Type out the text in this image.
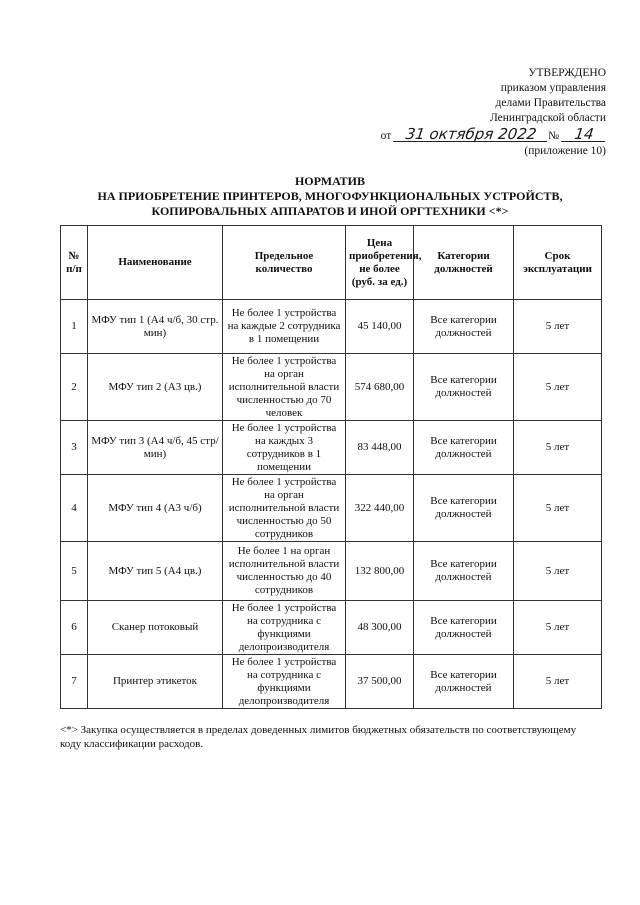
УТВЕРЖДЕНО
приказом управления
делами Правительства
Ленинградской области
от 31 октября 2022 № 14
(приложение 10)
НОРМАТИВ
НА ПРИОБРЕТЕНИЕ ПРИНТЕРОВ, МНОГОФУНКЦИОНАЛЬНЫХ УСТРОЙСТВ,
КОПИРОВАЛЬНЫХ АППАРАТОВ И ИНОЙ ОРГТЕХНИКИ <*>
№ п/п	Наименование	Предельное количество	Цена приобретения, не более (руб. за ед.)	Категории должностей	Срок эксплуатации
1	МФУ тип 1 (А4 ч/б, 30 стр. мин)	Не более 1 устройства на каждые 2 сотрудника в 1 помещении	45 140,00	Все категории должностей	5 лет
2	МФУ тип 2 (А3 цв.)	Не более 1 устройства на орган исполнительной власти численностью до 70 человек	574 680,00	Все категории должностей	5 лет
3	МФУ тип 3 (А4 ч/б, 45 стр/мин)	Не более 1 устройства на каждых 3 сотрудников в 1 помещении	83 448,00	Все категории должностей	5 лет
4	МФУ тип 4 (А3 ч/б)	Не более 1 устройства на орган исполнительной власти численностью до 50 сотрудников	322 440,00	Все категории должностей	5 лет
5	МФУ тип 5 (А4 цв.)	Не более 1 на орган исполнительной власти численностью до 40 сотрудников	132 800,00	Все категории должностей	5 лет
6	Сканер потоковый	Не более 1 устройства на сотрудника с функциями делопроизводителя	48 300,00	Все категории должностей	5 лет
7	Принтер этикеток	Не более 1 устройства на сотрудника с функциями делопроизводителя	37 500,00	Все категории должностей	5 лет
<*> Закупка осуществляется в пределах доведенных лимитов бюджетных обязательств по соответствующему коду классификации расходов.
